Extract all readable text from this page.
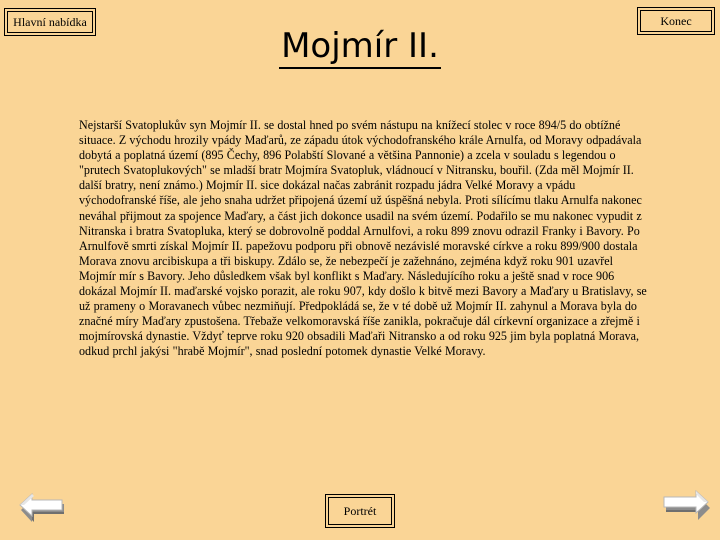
Hlavní nabídka	Konec
Mojmír II.

Nejstarší Svatoplukův syn Mojmír II. se dostal hned po svém nástupu na knížecí stolec v roce 894/5 do obtížné situace. Z východu hrozily vpády Maďarů, ze západu útok východofranského krále Arnulfa, od Moravy odpadávala dobytá a poplatná území (895 Čechy, 896 Polabští Slované a většina Pannonie) a zcela v souladu s legendou o "prutech Svatoplukových" se mladší bratr Mojmíra Svatopluk, vládnoucí v Nitransku, bouřil. (Zda měl Mojmír II. další bratry, není známo.) Mojmír II. sice dokázal načas zabránit rozpadu jádra Velké Moravy a vpádu východofranské říše, ale jeho snaha udržet připojená území už úspěšná nebyla. Proti sílícímu tlaku Arnulfa nakonec neváhal přijmout za spojence Maďary, a část jich dokonce usadil na svém území. Podařilo se mu nakonec vypudit z Nitranska i bratra Svatopluka, který se dobrovolně poddal Arnulfovi, a roku 899 znovu odrazil Franky i Bavory. Po Arnulfově smrti získal Mojmír II. papežovu podporu při obnově nezávislé moravské církve a roku 899/900 dostala Morava znovu arcibiskupa a tři biskupy. Zdálo se, že nebezpečí je zažehnáno, zejména když roku 901 uzavřel Mojmír mír s Bavory. Jeho důsledkem však byl konflikt s Maďary. Následujícího roku a ještě snad v roce 906 dokázal Mojmír II. maďarské vojsko porazit, ale roku 907, kdy došlo k bitvě mezi Bavory a Maďary u Bratislavy, se už prameny o Moravanech vůbec nezmiňují. Předpokládá se, že v té době už Mojmír II. zahynul a Morava byla do značné míry Maďary zpustošena. Třebaže velkomoravská říše zanikla, pokračuje dál církevní organizace a zřejmě i mojmírovská dynastie. Vždyť teprve roku 920 obsadili Maďaři Nitransko a od roku 925 jim byla poplatná Morava, odkud prchl jakýsi "hrabě Mojmír", snad poslední potomek dynastie Velké Moravy.

Portrét
